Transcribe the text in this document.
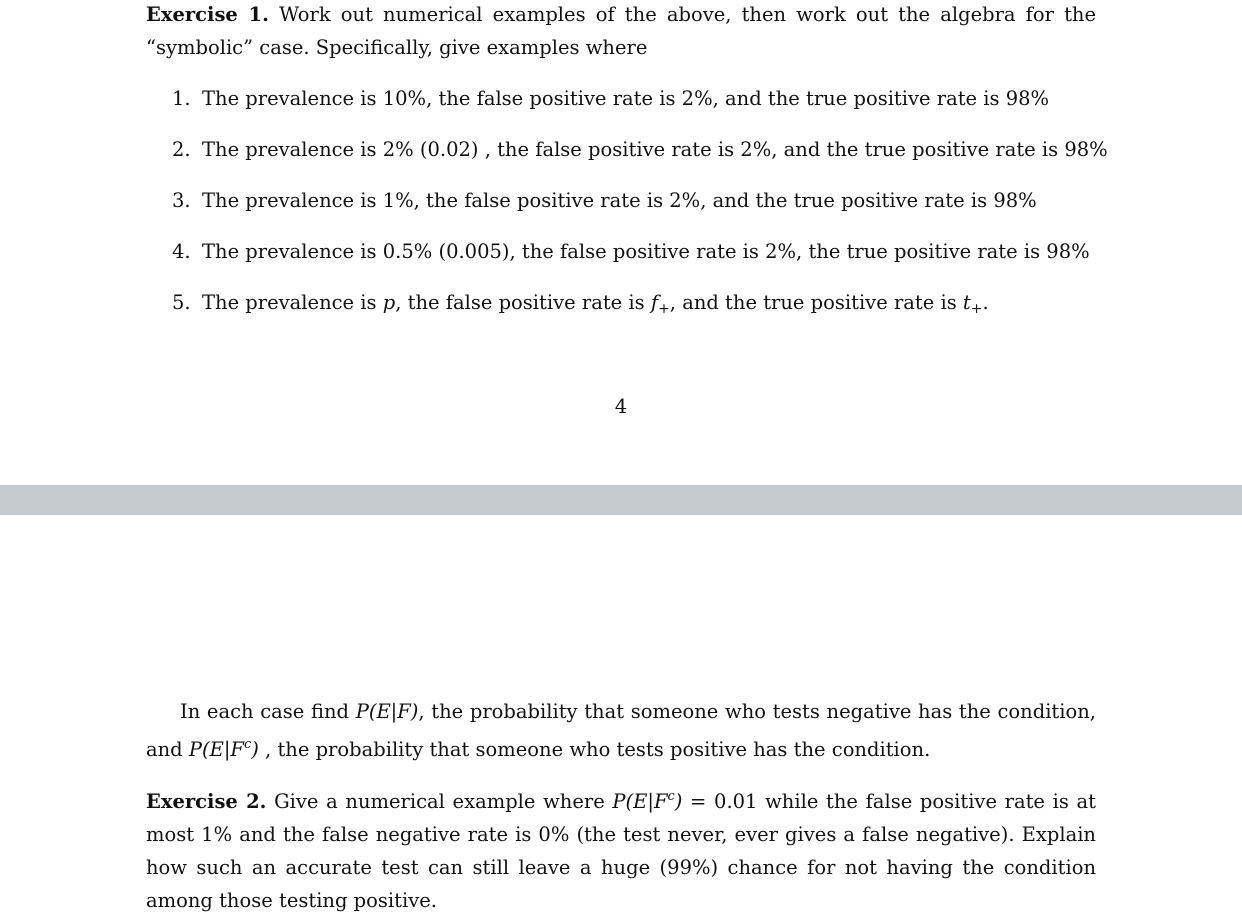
Exercise 1. Work out numerical examples of the above, then work out the algebra for the “symbolic” case. Specifically, give examples where

1. The prevalence is 10%, the false positive rate is 2%, and the true positive rate is 98%
2. The prevalence is 2% (0.02) , the false positive rate is 2%, and the true positive rate is 98%
3. The prevalence is 1%, the false positive rate is 2%, and the true positive rate is 98%
4. The prevalence is 0.5% (0.005), the false positive rate is 2%, the true positive rate is 98%
5. The prevalence is p, the false positive rate is $f_+$, and the true positive rate is $t_+$.
4

In each case find P(E|F), the probability that someone who tests negative has the condition, and $P(E|F^c)$ , the probability that someone who tests positive has the condition.

Exercise 2. Give a numerical example where $P(E|F^c) = 0.01$ while the false positive rate is at most 1% and the false negative rate is 0% (the test never, ever gives a false negative). Explain how such an accurate test can still leave a huge (99%) chance for not having the condition among those testing positive.
